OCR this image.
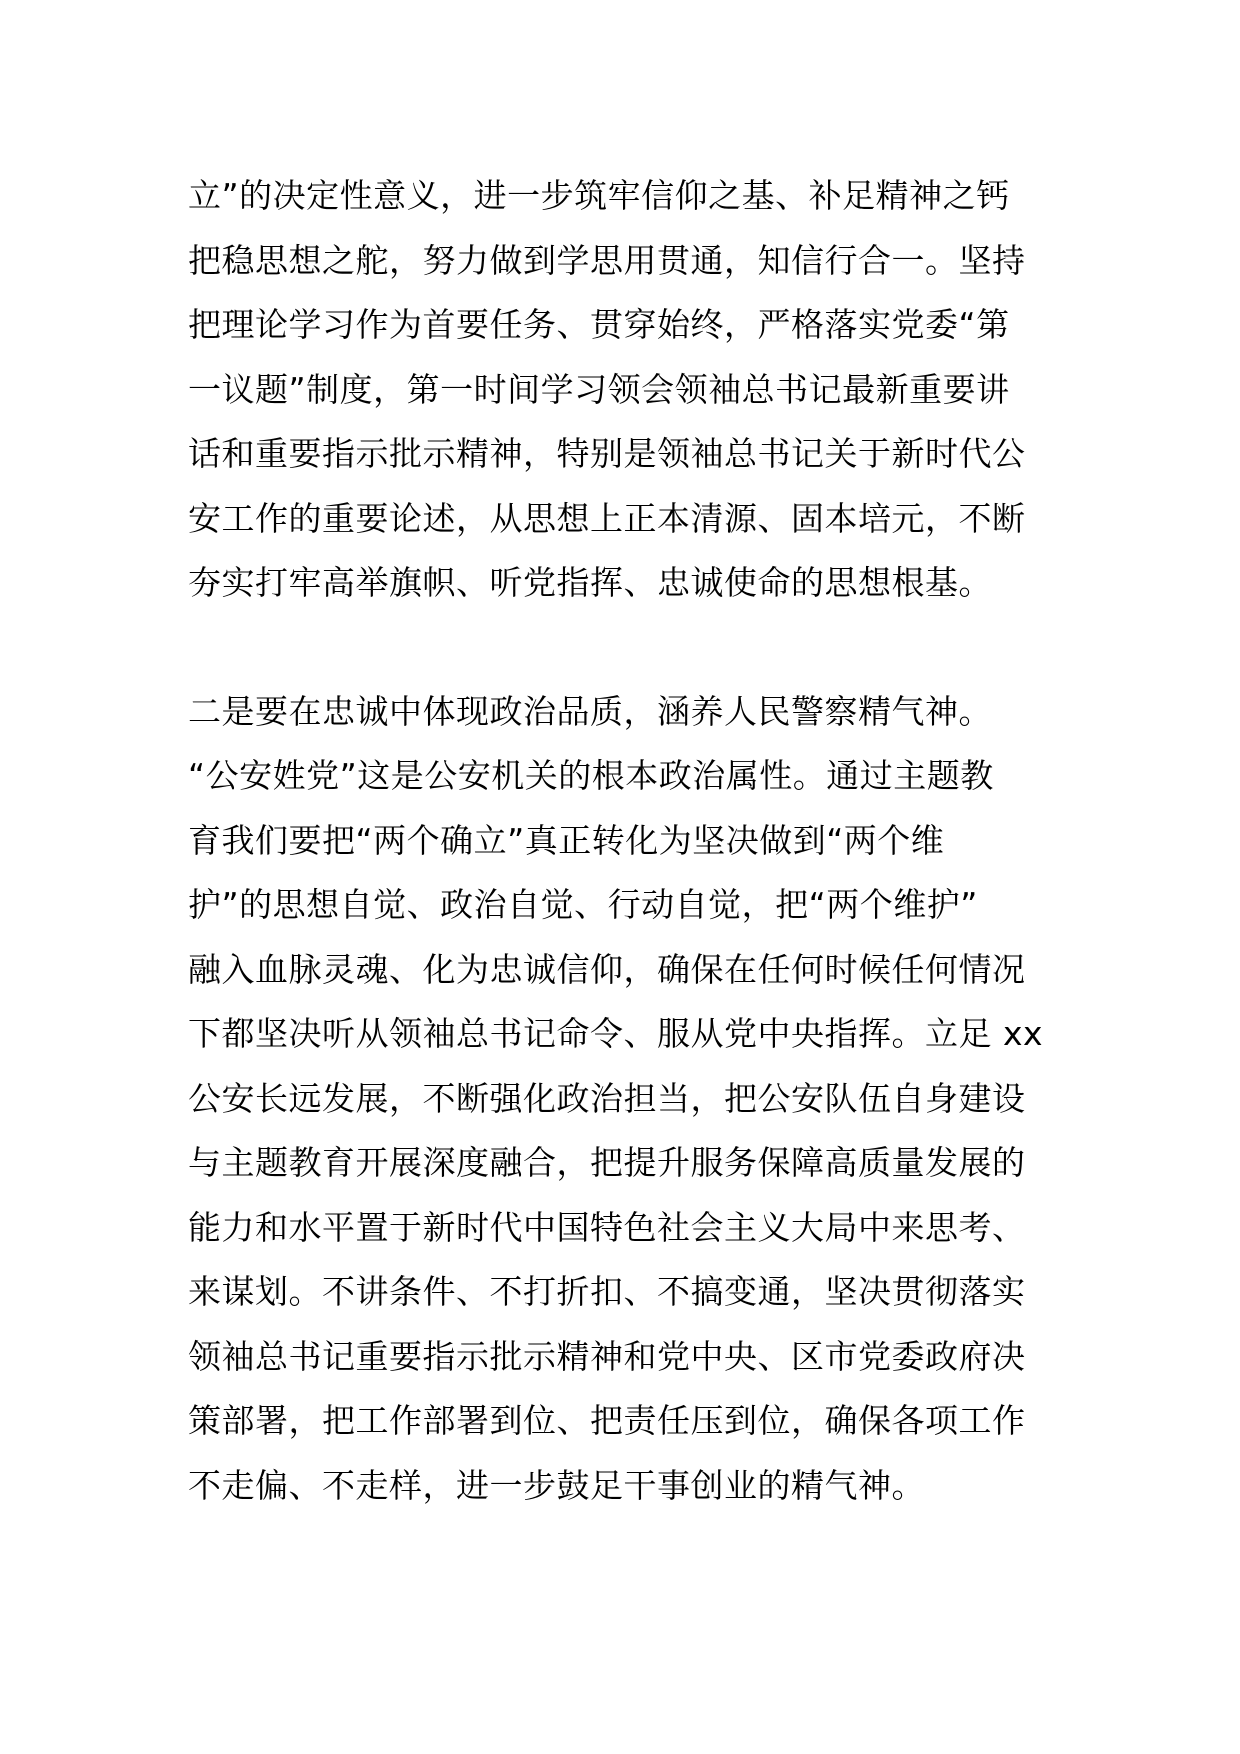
立”的决定性意义，进一步筑牢信仰之基、补足精神之钙
把稳思想之舵，努力做到学思用贯通，知信行合一。坚持
把理论学习作为首要任务、贯穿始终，严格落实党委“第
一议题”制度，第一时间学习领会领袖总书记最新重要讲
话和重要指示批示精神，特别是领袖总书记关于新时代公
安工作的重要论述，从思想上正本清源、固本培元，不断
夯实打牢高举旗帜、听党指挥、忠诚使命的思想根基。

二是要在忠诚中体现政治品质，涵养人民警察精气神。
“公安姓党”这是公安机关的根本政治属性。通过主题教
育我们要把“两个确立”真正转化为坚决做到“两个维
护”的思想自觉、政治自觉、行动自觉，把“两个维护”
融入血脉灵魂、化为忠诚信仰，确保在任何时候任何情况
下都坚决听从领袖总书记命令、服从党中央指挥。立足 xx
公安长远发展，不断强化政治担当，把公安队伍自身建设
与主题教育开展深度融合，把提升服务保障高质量发展的
能力和水平置于新时代中国特色社会主义大局中来思考、
来谋划。不讲条件、不打折扣、不搞变通，坚决贯彻落实
领袖总书记重要指示批示精神和党中央、区市党委政府决
策部署，把工作部署到位、把责任压到位，确保各项工作
不走偏、不走样，进一步鼓足干事创业的精气神。
